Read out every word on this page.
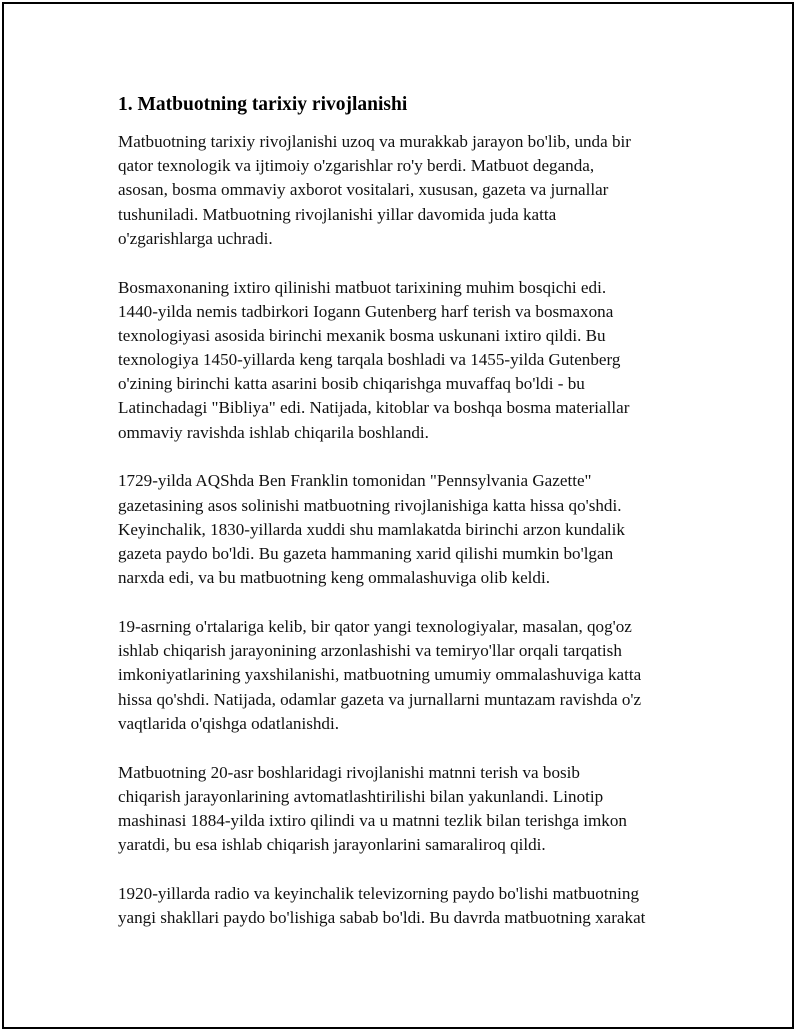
1. Matbuotning tarixiy rivojlanishi
Matbuotning tarixiy rivojlanishi uzoq va murakkab jarayon bo'lib, unda bir
qator texnologik va ijtimoiy o'zgarishlar ro'y berdi. Matbuot deganda,
asosan, bosma ommaviy axborot vositalari, xususan, gazeta va jurnallar
tushuniladi. Matbuotning rivojlanishi yillar davomida juda katta
o'zgarishlarga uchradi.
Bosmaxonaning ixtiro qilinishi matbuot tarixining muhim bosqichi edi.
1440-yilda nemis tadbirkori Iogann Gutenberg harf terish va bosmaxona
texnologiyasi asosida birinchi mexanik bosma uskunani ixtiro qildi. Bu
texnologiya 1450-yillarda keng tarqala boshladi va 1455-yilda Gutenberg
o'zining birinchi katta asarini bosib chiqarishga muvaffaq bo'ldi - bu
Latinchadagi "Bibliya" edi. Natijada, kitoblar va boshqa bosma materiallar
ommaviy ravishda ishlab chiqarila boshlandi.
1729-yilda AQShda Ben Franklin tomonidan "Pennsylvania Gazette"
gazetasining asos solinishi matbuotning rivojlanishiga katta hissa qo'shdi.
Keyinchalik, 1830-yillarda xuddi shu mamlakatda birinchi arzon kundalik
gazeta paydo bo'ldi. Bu gazeta hammaning xarid qilishi mumkin bo'lgan
narxda edi, va bu matbuotning keng ommalashuviga olib keldi.
19-asrning o'rtalariga kelib, bir qator yangi texnologiyalar, masalan, qog'oz
ishlab chiqarish jarayonining arzonlashishi va temiryo'llar orqali tarqatish
imkoniyatlarining yaxshilanishi, matbuotning umumiy ommalashuviga katta
hissa qo'shdi. Natijada, odamlar gazeta va jurnallarni muntazam ravishda o'z
vaqtlarida o'qishga odatlanishdi.
Matbuotning 20-asr boshlaridagi rivojlanishi matnni terish va bosib
chiqarish jarayonlarining avtomatlashtirilishi bilan yakunlandi. Linotip
mashinasi 1884-yilda ixtiro qilindi va u matnni tezlik bilan terishga imkon
yaratdi, bu esa ishlab chiqarish jarayonlarini samaraliroq qildi.
1920-yillarda radio va keyinchalik televizorning paydo bo'lishi matbuotning
yangi shakllari paydo bo'lishiga sabab bo'ldi. Bu davrda matbuotning xarakat
